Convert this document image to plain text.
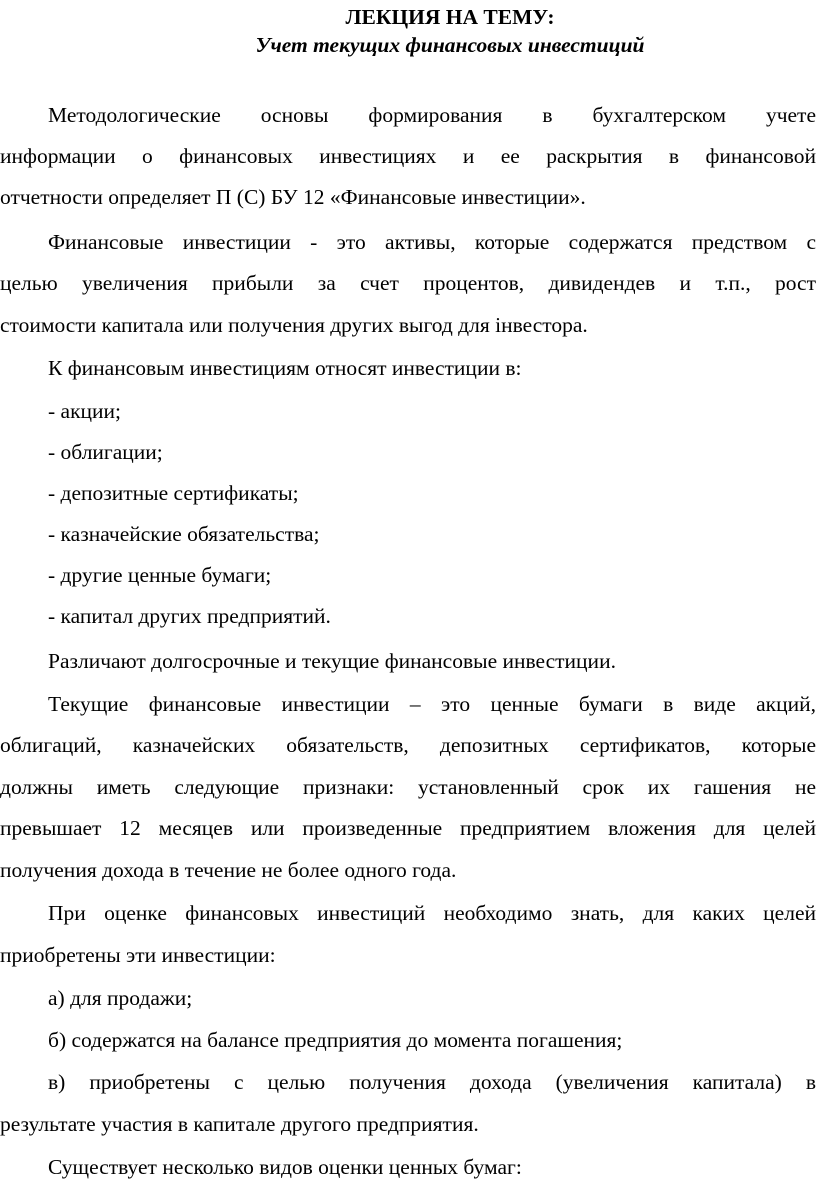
ЛЕКЦИЯ НА ТЕМУ:

Учет текущих финансовых инвестиций

Методологические основы формирования в бухгалтерском учете

информации о финансовых инвестициях и ее раскрытия в финансовой

отчетности определяет П (С) БУ 12 «Финансовые инвестиции».

Финансовые инвестиции - это активы, которые содержатся предством с

целью увеличения прибыли за счет процентов, дивидендев и т.п., рост

стоимости капитала или получения других выгод для інвестора.

К финансовым инвестициям относят инвестиции в:

- акции;

- облигации;

- депозитные сертификаты;

- казначейские обязательства;

- другие ценные бумаги;

- капитал других предприятий.

Различают долгосрочные и текущие финансовые инвестиции.

Текущие финансовые инвестиции – это ценные бумаги в виде акций,

облигаций, казначейских обязательств, депозитных сертификатов, которые

должны иметь следующие признаки: установленный срок их гашения не

превышает 12 месяцев или произведенные предприятием вложения для целей

получения дохода в течение не более одного года.

При оценке финансовых инвестиций необходимо знать, для каких целей

приобретены эти инвестиции:

а) для продажи;

б) содержатся на балансе предприятия до момента погашения;

в) приобретены с целью получения дохода (увеличения капитала) в

результате участия в капитале другого предприятия.

Существует несколько видов оценки ценных бумаг:
